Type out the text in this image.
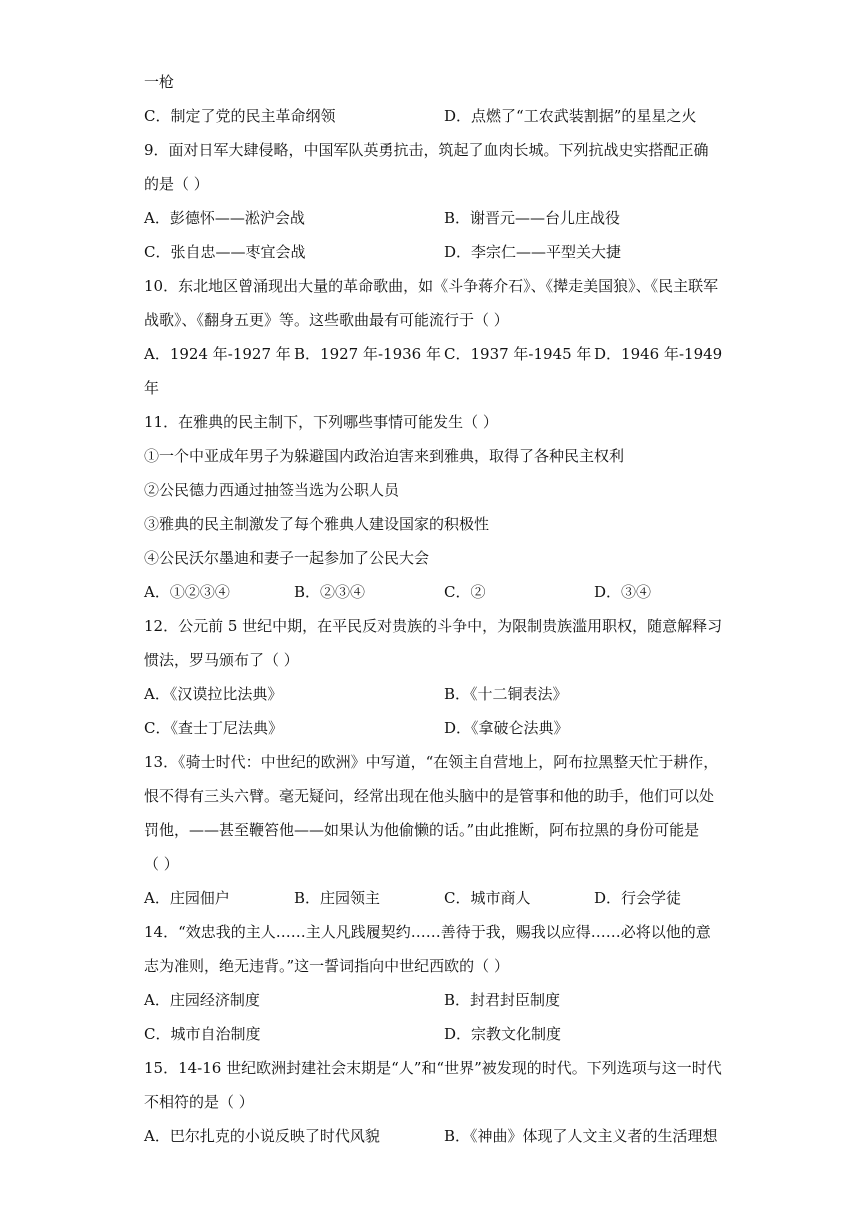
一枪
C．制定了党的民主革命纲领	D．点燃了“工农武装割据”的星星之火
9．面对日军大肆侵略，中国军队英勇抗击，筑起了血肉长城。下列抗战史实搭配正确
的是（ ）
A．彭德怀——淞沪会战	B．谢晋元——台儿庄战役
C．张自忠——枣宜会战	D．李宗仁——平型关大捷
10．东北地区曾涌现出大量的革命歌曲，如《斗争蒋介石》、《撵走美国狼》、《民主联军
战歌》、《翻身五更》等。这些歌曲最有可能流行于（ ）
A．1924 年-1927 年 B．1927 年-1936 年 C．1937 年-1945 年 D．1946 年-1949
年
11．在雅典的民主制下，下列哪些事情可能发生（ ）
①一个中亚成年男子为躲避国内政治迫害来到雅典，取得了各种民主权利
②公民德力西通过抽签当选为公职人员
③雅典的民主制激发了每个雅典人建设国家的积极性
④公民沃尔墨迪和妻子一起参加了公民大会
A．①②③④	B．②③④	C．②	D．③④
12．公元前 5 世纪中期，在平民反对贵族的斗争中，为限制贵族滥用职权，随意解释习
惯法，罗马颁布了（ ）
A．《汉谟拉比法典》	B．《十二铜表法》
C．《查士丁尼法典》	D．《拿破仑法典》
13．《骑士时代：中世纪的欧洲》中写道，“在领主自营地上，阿布拉黑整天忙于耕作，
恨不得有三头六臂。毫无疑问，经常出现在他头脑中的是管事和他的助手，他们可以处
罚他，——甚至鞭笞他——如果认为他偷懒的话。”由此推断，阿布拉黑的身份可能是
（ ）
A．庄园佃户	B．庄园领主	C．城市商人	D．行会学徒
14．“效忠我的主人……主人凡践履契约……善待于我，赐我以应得……必将以他的意
志为准则，绝无违背。”这一誓词指向中世纪西欧的（ ）
A．庄园经济制度	B．封君封臣制度
C．城市自治制度	D．宗教文化制度
15．14-16 世纪欧洲封建社会末期是“人”和“世界”被发现的时代。下列选项与这一时代
不相符的是（ ）
A．巴尔扎克的小说反映了时代风貌	B．《神曲》体现了人文主义者的生活理想
